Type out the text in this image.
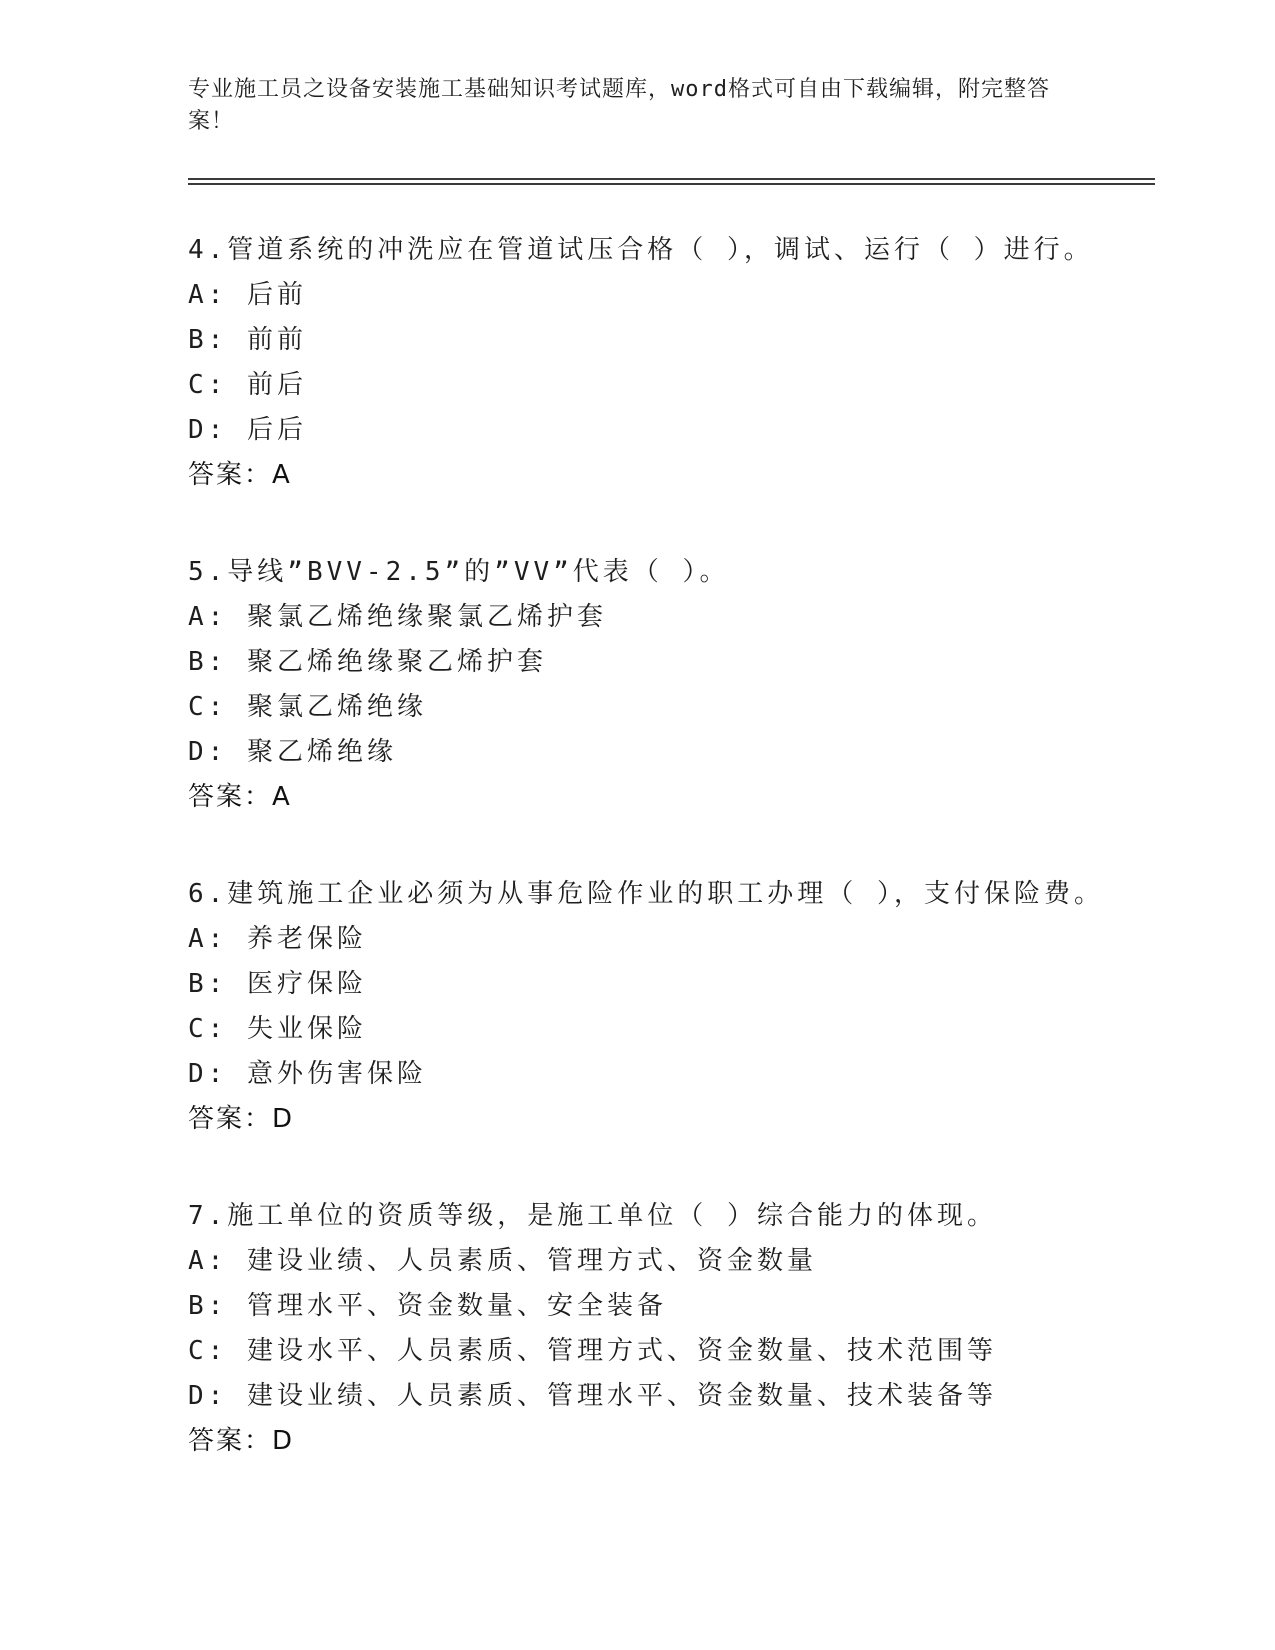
专业施工员之设备安装施工基础知识考试题库，word格式可自由下载编辑，附完整答案！
4.管道系统的冲洗应在管道试压合格（ ），调试、运行（ ）进行。
A: 后前
B: 前前
C: 前后
D: 后后
答案：A
5.导线”BVV-2.5”的”VV”代表（ ）。
A: 聚氯乙烯绝缘聚氯乙烯护套
B: 聚乙烯绝缘聚乙烯护套
C: 聚氯乙烯绝缘
D: 聚乙烯绝缘
答案：A
6.建筑施工企业必须为从事危险作业的职工办理（ ），支付保险费。
A: 养老保险
B: 医疗保险
C: 失业保险
D: 意外伤害保险
答案：D
7.施工单位的资质等级，是施工单位（ ）综合能力的体现。
A: 建设业绩、人员素质、管理方式、资金数量
B: 管理水平、资金数量、安全装备
C: 建设水平、人员素质、管理方式、资金数量、技术范围等
D: 建设业绩、人员素质、管理水平、资金数量、技术装备等
答案：D
